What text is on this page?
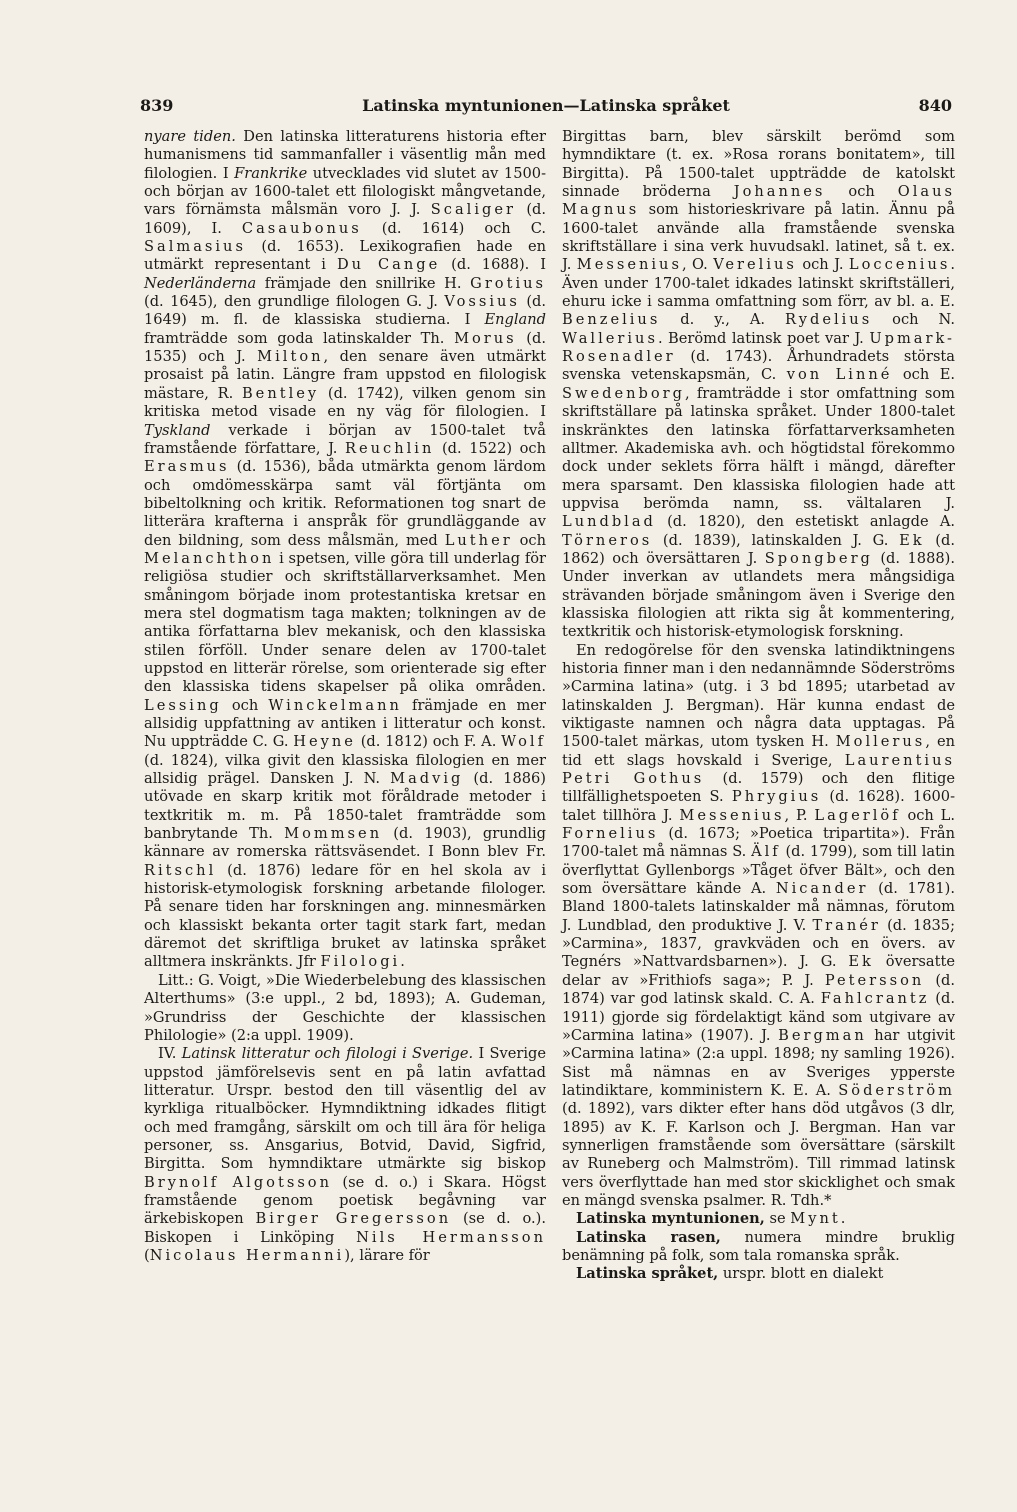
839	Latinska myntunionen—Latinska språket	840

nyare tiden. Den latinska litteraturens historia efter humanismens tid sammanfaller i väsentlig mån med filologien. I Frankrike utvecklades vid slutet av 1500- och början av 1600-talet ett filologiskt mångvetande, vars förnämsta målsmän voro J. J. Scaliger (d. 1609), I. Casaubonus (d. 1614) och C. Salmasius (d. 1653). Lexikografien hade en utmärkt representant i Du Cange (d. 1688). I Nederländerna främjade den snillrike H. Grotius (d. 1645), den grundlige filologen G. J. Vossius (d. 1649) m. fl. de klassiska studierna. I England framträdde som goda latinskalder Th. Morus (d. 1535) och J. Milton, den senare även utmärkt prosaist på latin. Längre fram uppstod en filologisk mästare, R. Bentley (d. 1742), vilken genom sin kritiska metod visade en ny väg för filologien. I Tyskland verkade i början av 1500-talet två framstående författare, J. Reuchlin (d. 1522) och Erasmus (d. 1536), båda utmärkta genom lärdom och omdömesskärpa samt väl förtjänta om bibeltolkning och kritik. Reformationen tog snart de litterära krafterna i anspråk för grundläggande av den bildning, som dess målsmän, med Luther och Melanchthon i spetsen, ville göra till underlag för religiösa studier och skriftställarverksamhet. Men småningom började inom protestantiska kretsar en mera stel dogmatism taga makten; tolkningen av de antika författarna blev mekanisk, och den klassiska stilen förföll. Under senare delen av 1700-talet uppstod en litterär rörelse, som orienterade sig efter den klassiska tidens skapelser på olika områden. Lessing och Winckelmann främjade en mer allsidig uppfattning av antiken i litteratur och konst. Nu uppträdde C. G. Heyne (d. 1812) och F. A. Wolf (d. 1824), vilka givit den klassiska filologien en mer allsidig prägel. Dansken J. N. Madvig (d. 1886) utövade en skarp kritik mot föråldrade metoder i textkritik m. m. På 1850-talet framträdde som banbrytande Th. Mommsen (d. 1903), grundlig kännare av romerska rättsväsendet. I Bonn blev Fr. Ritschl (d. 1876) ledare för en hel skola av i historisk-etymologisk forskning arbetande filologer. På senare tiden har forskningen ang. minnesmärken och klassiskt bekanta orter tagit stark fart, medan däremot det skriftliga bruket av latinska språket alltmera inskränkts. Jfr Filologi.

Litt.: G. Voigt, »Die Wiederbelebung des klassischen Alterthums» (3:e uppl., 2 bd, 1893); A. Gudeman, »Grundriss der Geschichte der klassischen Philologie» (2:a uppl. 1909).

IV. Latinsk litteratur och filologi i Sverige. I Sverige uppstod jämförelsevis sent en på latin avfattad litteratur. Urspr. bestod den till väsentlig del av kyrkliga ritualböcker. Hymndiktning idkades flitigt och med framgång, särskilt om och till ära för heliga personer, ss. Ansgarius, Botvid, David, Sigfrid, Birgitta. Som hymndiktare utmärkte sig biskop Brynolf Algotsson (se d. o.) i Skara. Högst framstående genom poetisk begåvning var ärkebiskopen Birger Gregersson (se d. o.). Biskopen i Linköping Nils Hermansson (Nicolaus Hermanni), lärare för

Birgittas barn, blev särskilt berömd som hymndiktare (t. ex. »Rosa rorans bonitatem», till Birgitta). På 1500-talet uppträdde de katolskt sinnade bröderna Johannes och Olaus Magnus som historieskrivare på latin. Ännu på 1600-talet använde alla framstående svenska skriftställare i sina verk huvudsakl. latinet, så t. ex. J. Messenius, O. Verelius och J. Loccenius. Även under 1700-talet idkades latinskt skriftställeri, ehuru icke i samma omfattning som förr, av bl. a. E. Benzelius d. y., A. Rydelius och N. Wallerius. Berömd latinsk poet var J. Upmark-Rosenadler (d. 1743). Århundradets största svenska vetenskapsmän, C. von Linné och E. Swedenborg, framträdde i stor omfattning som skriftställare på latinska språket. Under 1800-talet inskränktes den latinska författarverksamheten alltmer. Akademiska avh. och högtidstal förekommo dock under seklets förra hälft i mängd, därefter mera sparsamt. Den klassiska filologien hade att uppvisa berömda namn, ss. vältalaren J. Lundblad (d. 1820), den estetiskt anlagde A. Törneros (d. 1839), latinskalden J. G. Ek (d. 1862) och översättaren J. Spongberg (d. 1888). Under inverkan av utlandets mera mångsidiga strävanden började småningom även i Sverige den klassiska filologien att rikta sig åt kommentering, textkritik och historisk-etymologisk forskning.

En redogörelse för den svenska latindiktningens historia finner man i den nedannämnde Söderströms »Carmina latina» (utg. i 3 bd 1895; utarbetad av latinskalden J. Bergman). Här kunna endast de viktigaste namnen och några data upptagas. På 1500-talet märkas, utom tysken H. Mollerus, en tid ett slags hovskald i Sverige, Laurentius Petri Gothus (d. 1579) och den flitige tillfällighetspoeten S. Phrygius (d. 1628). 1600-talet tillhöra J. Messenius, P. Lagerlöf och L. Fornelius (d. 1673; »Poetica tripartita»). Från 1700-talet må nämnas S. Älf (d. 1799), som till latin överflyttat Gyllenborgs »Tåget öfver Bält», och den som översättare kände A. Nicander (d. 1781). Bland 1800-talets latinskalder må nämnas, förutom J. Lundblad, den produktive J. V. Tranér (d. 1835; »Carmina», 1837, gravkväden och en övers. av Tegnérs »Nattvardsbarnen»). J. G. Ek översatte delar av »Frithiofs saga»; P. J. Petersson (d. 1874) var god latinsk skald. C. A. Fahlcrantz (d. 1911) gjorde sig fördelaktigt känd som utgivare av »Carmina latina» (1907). J. Bergman har utgivit »Carmina latina» (2:a uppl. 1898; ny samling 1926). Sist må nämnas en av Sveriges ypperste latindiktare, komministern K. E. A. Söderström (d. 1892), vars dikter efter hans död utgåvos (3 dlr, 1895) av K. F. Karlson och J. Bergman. Han var synnerligen framstående som översättare (särskilt av Runeberg och Malmström). Till rimmad latinsk vers överflyttade han med stor skicklighet och smak en mängd svenska psalmer. R. Tdh.*

Latinska myntunionen, se Mynt.

Latinska rasen, numera mindre bruklig benämning på folk, som tala romanska språk.

Latinska språket, urspr. blott en dialekt
